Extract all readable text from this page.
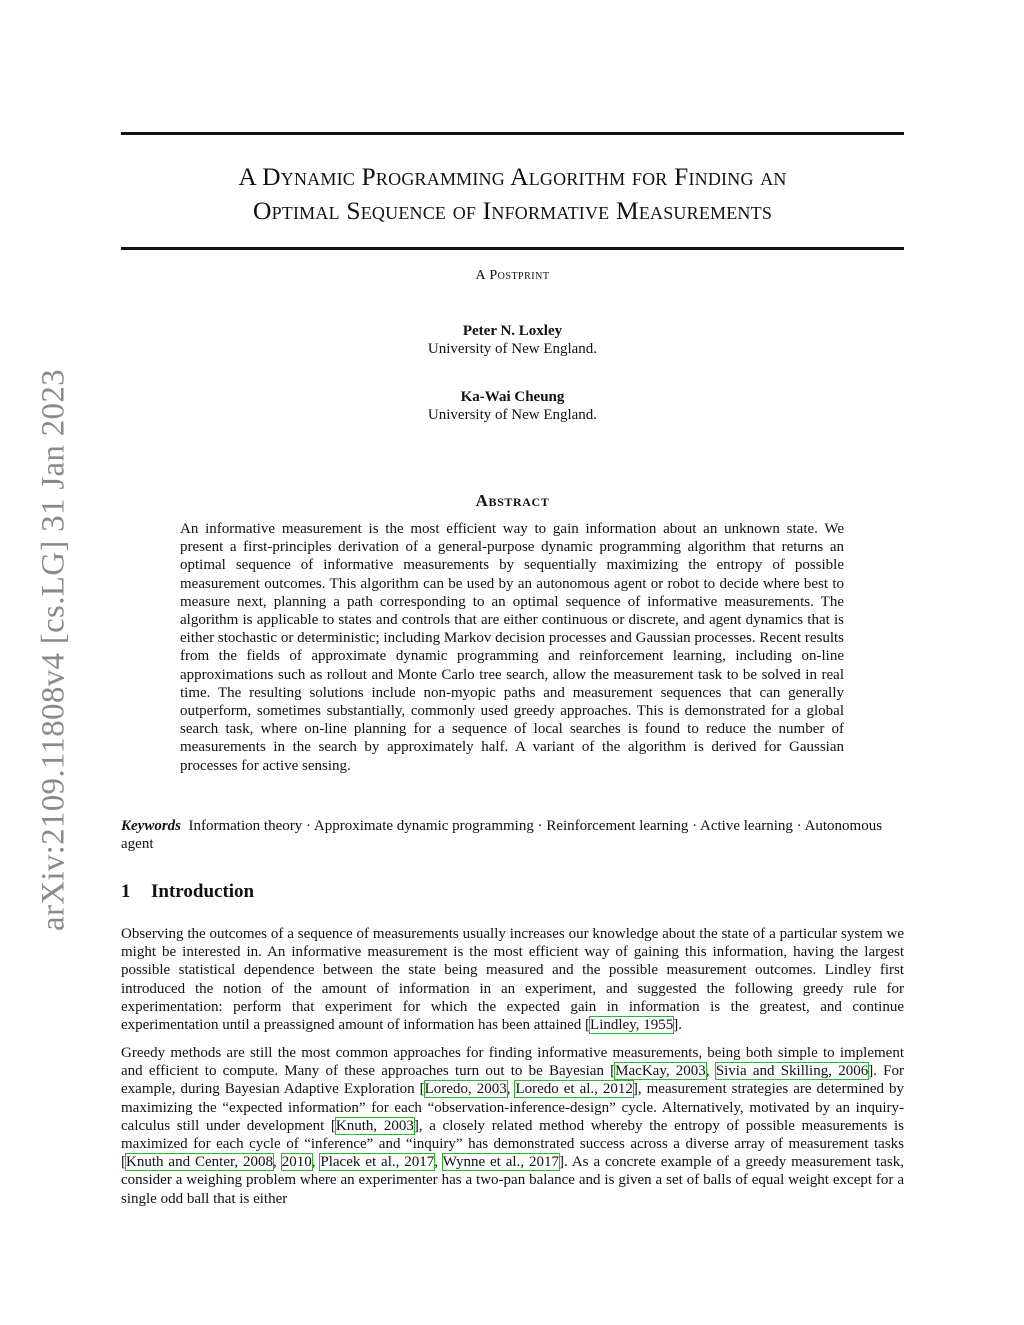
A Dynamic Programming Algorithm for Finding an
Optimal Sequence of Informative Measurements
A Postprint
Peter N. Loxley
University of New England.
Ka-Wai Cheung
University of New England.
Abstract

An informative measurement is the most efficient way to gain information about an unknown state. We present a first-principles derivation of a general-purpose dynamic programming algorithm that returns an optimal sequence of informative measurements by sequentially maximizing the entropy of possible measurement outcomes. This algorithm can be used by an autonomous agent or robot to decide where best to measure next, planning a path corresponding to an optimal sequence of informative measurements. The algorithm is applicable to states and controls that are either continuous or discrete, and agent dynamics that is either stochastic or deterministic; including Markov decision processes and Gaussian processes. Recent results from the fields of approximate dynamic programming and reinforcement learning, including on-line approximations such as rollout and Monte Carlo tree search, allow the measurement task to be solved in real time. The resulting solutions include non-myopic paths and measurement sequences that can generally outperform, sometimes substantially, commonly used greedy approaches. This is demonstrated for a global search task, where on-line planning for a sequence of local searches is found to reduce the number of measurements in the search by approximately half. A variant of the algorithm is derived for Gaussian processes for active sensing.

Keywords Information theory · Approximate dynamic programming · Reinforcement learning · Active learning · Autonomous agent

1 Introduction

Observing the outcomes of a sequence of measurements usually increases our knowledge about the state of a particular system we might be interested in. An informative measurement is the most efficient way of gaining this information, having the largest possible statistical dependence between the state being measured and the possible measurement outcomes. Lindley first introduced the notion of the amount of information in an experiment, and suggested the following greedy rule for experimentation: perform that experiment for which the expected gain in information is the greatest, and continue experimentation until a preassigned amount of information has been attained [Lindley, 1955].

Greedy methods are still the most common approaches for finding informative measurements, being both simple to implement and efficient to compute. Many of these approaches turn out to be Bayesian [MacKay, 2003, Sivia and Skilling, 2006]. For example, during Bayesian Adaptive Exploration [Loredo, 2003, Loredo et al., 2012], measurement strategies are determined by maximizing the “expected information” for each “observation-inference-design” cycle. Alternatively, motivated by an inquiry-calculus still under development [Knuth, 2003], a closely related method whereby the entropy of possible measurements is maximized for each cycle of “inference” and “inquiry” has demonstrated success across a diverse array of measurement tasks [Knuth and Center, 2008, 2010, Placek et al., 2017, Wynne et al., 2017]. As a concrete example of a greedy measurement task, consider a weighing problem where an experimenter has a two-pan balance and is given a set of balls of equal weight except for a single odd ball that is either

arXiv:2109.11808v4 [cs.LG] 31 Jan 2023
